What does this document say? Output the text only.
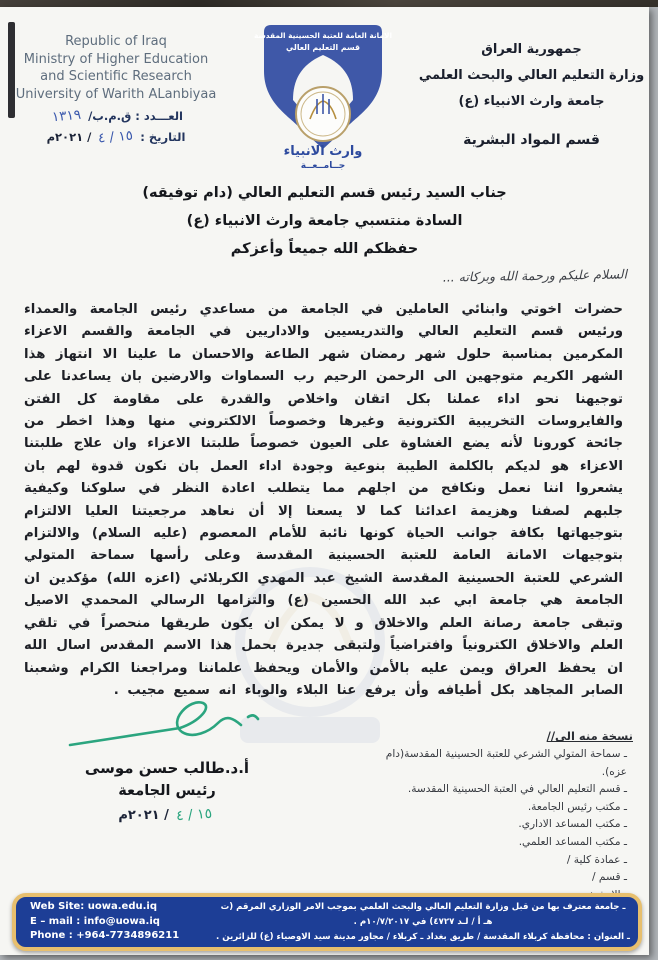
Republic of Iraq
Ministry of Higher Education
and Scientific Research
University of Warith ALanbiyaa
العـــدد : ق.م.ب/ ١٣١٩
التاريخ : ١٥ / ٤ / ٢٠٢١م
الامانة العامة للعتبة الحسينية المقدسة
قسم التعليم العالي
وارث الانبياء
جــامــعــة
جمهورية العراق
وزارة التعليم العالي والبحث العلمي
جامعة وارث الانبياء (ع)
قسم المواد البشرية
جناب السيد رئيس قسم التعليم العالي (دام توفيقه)
السادة منتسبي جامعة وارث الانبياء (ع)
حفظكم الله جميعاً وأعزكم
السلام عليكم ورحمة الله وبركاته ...
حضرات اخوتي وابنائي العاملين في الجامعة من مساعدي رئيس الجامعة والعمداء ورئيس قسم التعليم العالي والتدريسيين والاداريين في الجامعة والقسم الاعزاء المكرمين بمناسبة حلول شهر رمضان شهر الطاعة والاحسان ما علينا الا انتهاز هذا الشهر الكريم متوجهين الى الرحمن الرحيم رب السماوات والارضين بان يساعدنا على توجيهنا نحو اداء عملنا بكل اتقان واخلاص والقدرة على مقاومة كل الفتن والفايروسات التخريبية الكترونية وغيرها وخصوصاً الالكتروني منها وهذا اخطر من جائحة كورونا لأنه يضع الغشاوة على العيون خصوصاً طلبتنا الاعزاء وان علاج طلبتنا الاعزاء هو لديكم بالكلمة الطيبة بنوعية وجودة اداء العمل بان نكون قدوة لهم بان يشعروا اننا نعمل ونكافح من اجلهم مما يتطلب اعادة النظر في سلوكنا وكيفية جلبهم لصفنا وهزيمة اعدائنا كما لا يسعنا إلا أن نعاهد مرجعيتنا العليا الالتزام بتوجيهاتها بكافة جوانب الحياة كونها نائبة للأمام المعصوم (عليه السلام) والالتزام بتوجيهات الامانة العامة للعتبة الحسينية المقدسة وعلى رأسها سماحة المتولي الشرعي للعتبة الحسينية المقدسة الشيخ عبد المهدي الكربلائي (اعزه الله) مؤكدين ان الجامعة هي جامعة ابي عبد الله الحسين (ع) والتزامها الرسالي المحمدي الاصيل وتبقى جامعة رصانة العلم والاخلاق و لا يمكن ان يكون طريقها منحصراً في تلقي العلم والاخلاق الكترونياً وافتراضياً ولتبقى جديرة بحمل هذا الاسم المقدس اسال الله ان يحفظ العراق ويمن عليه بالأمن والأمان ويحفظ علماننا ومراجعنا الكرام وشعبنا الصابر المجاهد بكل أطيافه وأن يرفع عنا البلاء والوباء انه سميع مجيب .
أ.د.طالب حسن موسى
رئيس الجامعة
١٥ / ٤ / ٢٠٢١م
نسخة منه الى//
ـ سماحة المتولي الشرعي للعتبة الحسينية المقدسة(دام عزه).
ـ قسم التعليم العالي في العتبة الحسينية المقدسة.
ـ مكتب رئيس الجامعة.
ـ مكتب المساعد الاداري.
ـ مكتب المساعد العلمي.
ـ عمادة كلية /
ـ قسم /
ـ
ـ جامعة معترف بها من قبل وزارة التعليم العالي والبحث العلمي بموجب الامر الوزاري المرقم (ت هـ أ / لـد ٤٧٢٧) في ١٠/٧/٢٠١٧م .
ـ العنوان : محافظة كربلاء المقدسة / طريق بغداد ـ كربلاء / مجاور مدينة سيد الاوصياء (ع) للزائرين .
Web Site: uowa.edu.iq
E – mail : info@uowa.iq
Phone : +964-7734896211
